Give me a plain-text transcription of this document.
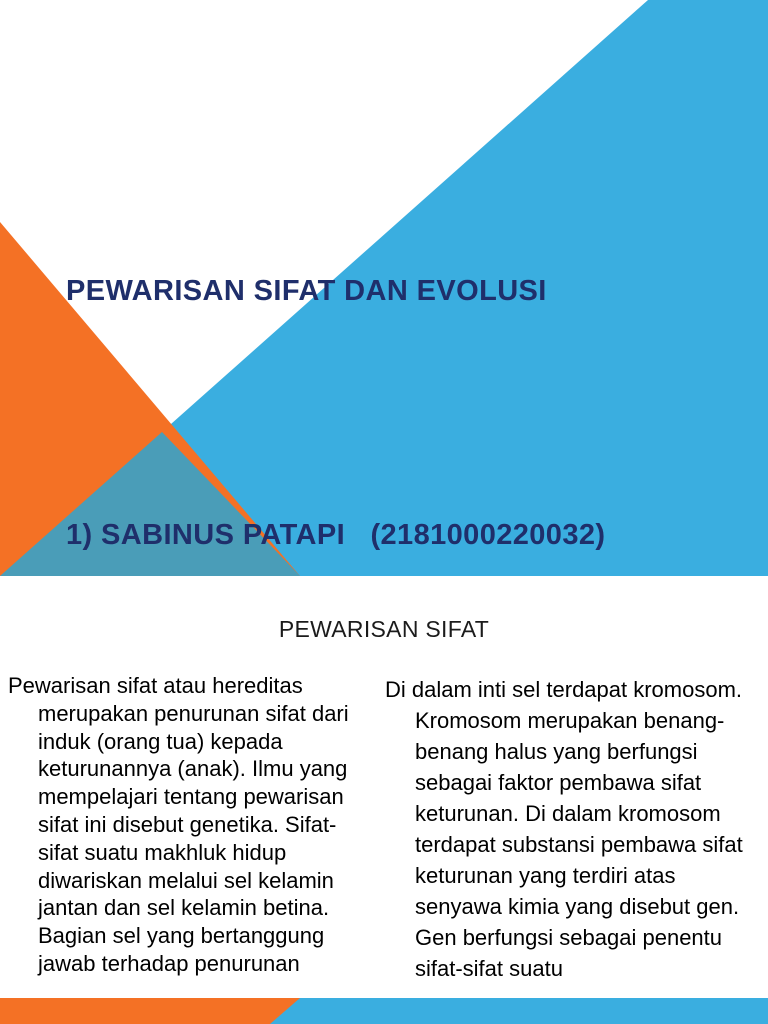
PEWARISAN SIFAT DAN EVOLUSI

1) SABINUS PATAPI   (2181000220032)

PEWARISAN SIFAT
Pewarisan sifat atau hereditas merupakan penurunan sifat dari induk (orang tua) kepada keturunannya (anak). Ilmu yang mempelajari tentang pewarisan sifat ini disebut genetika. Sifat-sifat suatu makhluk hidup diwariskan melalui sel kelamin jantan dan sel kelamin betina. Bagian sel yang bertanggung jawab terhadap penurunan
Di dalam inti sel terdapat kromosom. Kromosom merupakan benang-benang halus yang berfungsi sebagai faktor pembawa sifat keturunan. Di dalam kromosom terdapat substansi pembawa sifat keturunan yang terdiri atas senyawa kimia yang disebut gen. Gen berfungsi sebagai penentu sifat-sifat suatu
